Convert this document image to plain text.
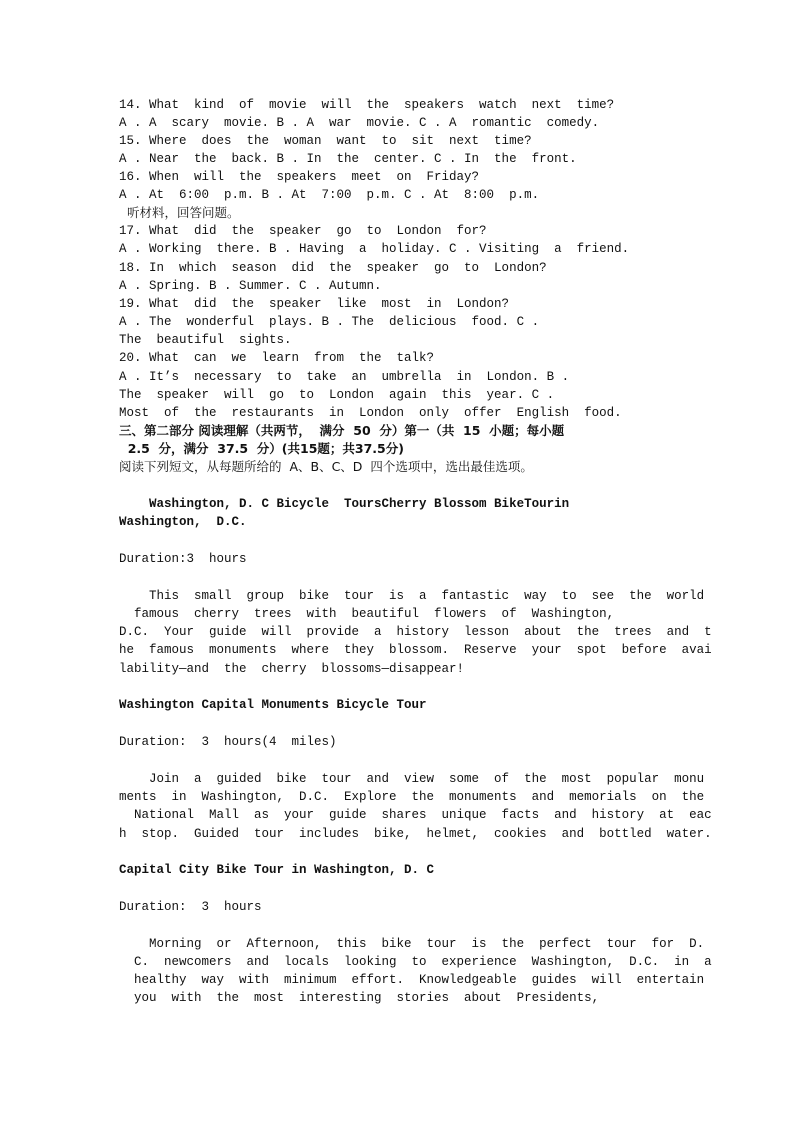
14. What  kind  of  movie  will  the  speakers  watch  next  time?
A . A  scary  movie. B . A  war  movie. C . A  romantic  comedy.
15. Where  does  the  woman  want  to  sit  next  time?
A . Near  the  back. B . In  the  center. C . In  the  front.
16. When  will  the  speakers  meet  on  Friday?
A . At  6:00  p.m. B . At  7:00  p.m. C . At  8:00  p.m.
听材料，回答问题。
17. What  did  the  speaker  go  to  London  for?
A . Working  there. B . Having  a  holiday. C . Visiting  a  friend.
18. In  which  season  did  the  speaker  go  to  London?
A . Spring. B . Summer. C . Autumn.
19. What  did  the  speaker  like  most  in  London?
A . The  wonderful  plays. B . The  delicious  food. C .
The  beautiful  sights.
20. What  can  we  learn  from  the  talk?
A . It’s  necessary  to  take  an  umbrella  in  London. B .
The  speaker  will  go  to  London  again  this  year. C .
Most  of  the  restaurants  in  London  only  offer  English  food.
三、第二部分 阅读理解（共两节，  满分  50  分）第一（共  15  小题；每小题
2.5  分，满分  37.5  分）(共15题；共37.5分)
阅读下列短文，从每题所给的  A、B、C、D  四个选项中，选出最佳选项。
Washington, D. C Bicycle  ToursCherry Blossom BikeTourin
Washington,  D.C.
Duration:3  hours
This  small  group  bike  tour  is  a  fantastic  way  to  see  the  world
famous  cherry  trees  with  beautiful  flowers  of  Washington,
D.C.  Your  guide  will  provide  a  history  lesson  about  the  trees  and  t
he  famous  monuments  where  they  blossom.  Reserve  your  spot  before  avai
lability—and  the  cherry  blossoms—disappear!
Washington Capital Monuments Bicycle Tour
Duration:  3  hours(4  miles)
Join  a  guided  bike  tour  and  view  some  of  the  most  popular  monu
ments  in  Washington,  D.C.  Explore  the  monuments  and  memorials  on  the
National  Mall  as  your  guide  shares  unique  facts  and  history  at  eac
h  stop.  Guided  tour  includes  bike,  helmet,  cookies  and  bottled  water.
Capital City Bike Tour in Washington, D. C
Duration:  3  hours
Morning  or  Afternoon,  this  bike  tour  is  the  perfect  tour  for  D.
C.  newcomers  and  locals  looking  to  experience  Washington,  D.C.  in  a
healthy  way  with  minimum  effort.  Knowledgeable  guides  will  entertain
you  with  the  most  interesting  stories  about  Presidents,
